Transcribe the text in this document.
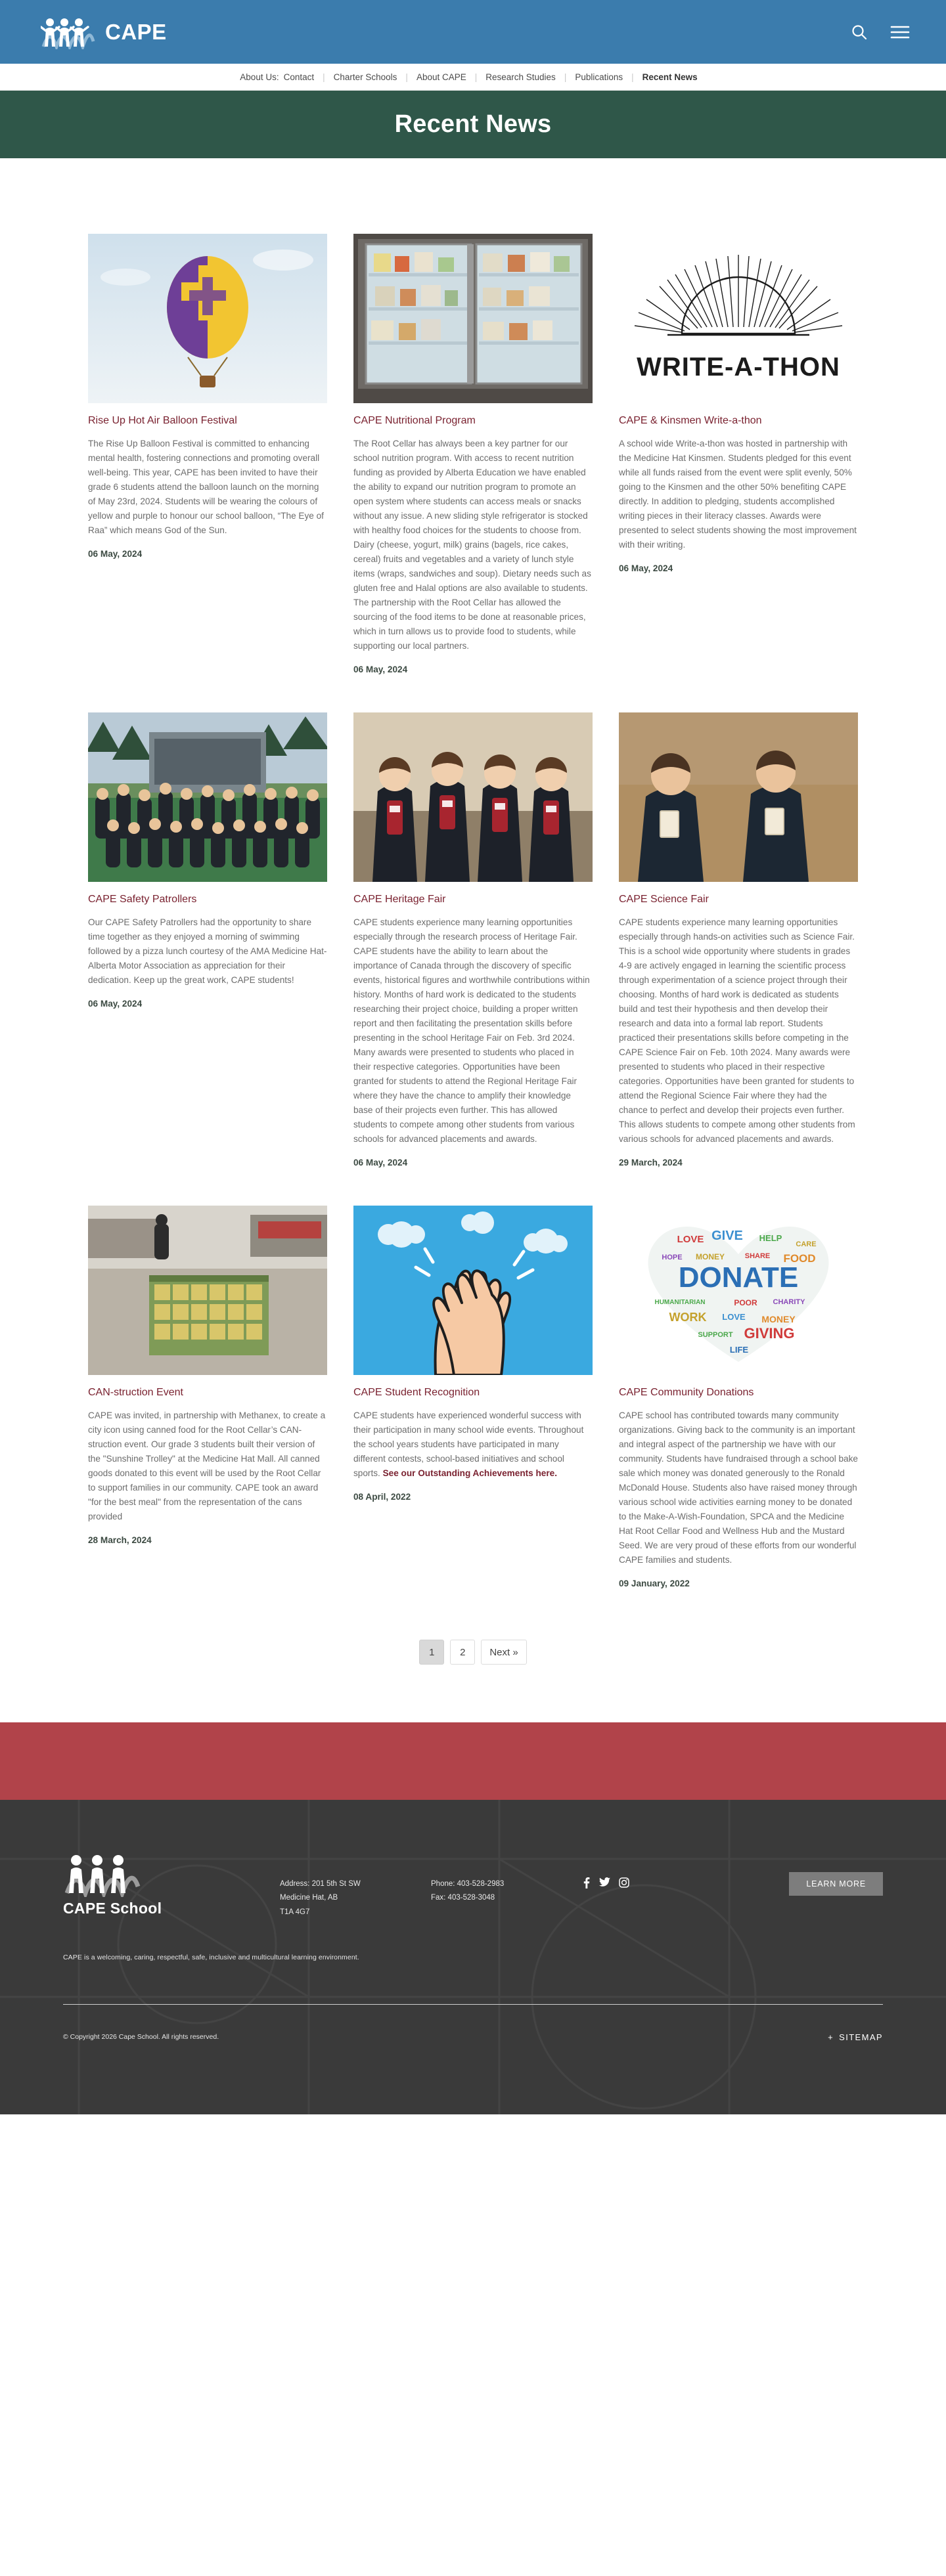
CAPE
About Us: Contact | Charter Schools | About CAPE | Research Studies | Publications | Recent News
Recent News
Rise Up Hot Air Balloon Festival

The Rise Up Balloon Festival is committed to enhancing mental health, fostering connections and promoting overall well-being. This year, CAPE has been invited to have their grade 6 students attend the balloon launch on the morning of May 23rd, 2024. Students will be wearing the colours of yellow and purple to honour our school balloon, “The Eye of Raa” which means God of the Sun.

06 May, 2024
CAPE Nutritional Program

The Root Cellar has always been a key partner for our school nutrition program. With access to recent nutrition funding as provided by Alberta Education we have enabled the ability to expand our nutrition program to promote an open system where students can access meals or snacks without any issue. A new sliding style refrigerator is stocked with healthy food choices for the students to choose from. Dairy (cheese, yogurt, milk) grains (bagels, rice cakes, cereal) fruits and vegetables and a variety of lunch style items (wraps, sandwiches and soup). Dietary needs such as gluten free and Halal options are also available to students. The partnership with the Root Cellar has allowed the sourcing of the food items to be done at reasonable prices, which in turn allows us to provide food to students, while supporting our local partners.

06 May, 2024
WRITE-A-THON
CAPE & Kinsmen Write-a-thon

A school wide Write-a-thon was hosted in partnership with the Medicine Hat Kinsmen. Students pledged for this event while all funds raised from the event were split evenly, 50% going to the Kinsmen and the other 50% benefiting CAPE directly. In addition to pledging, students accomplished writing pieces in their literacy classes. Awards were presented to select students showing the most improvement with their writing.

06 May, 2024
CAPE Safety Patrollers

Our CAPE Safety Patrollers had the opportunity to share time together as they enjoyed a morning of swimming followed by a pizza lunch courtesy of the AMA Medicine Hat- Alberta Motor Association as appreciation for their dedication. Keep up the great work, CAPE students!

06 May, 2024
CAPE Heritage Fair

CAPE students experience many learning opportunities especially through the research process of Heritage Fair. CAPE students have the ability to learn about the importance of Canada through the discovery of specific events, historical figures and worthwhile contributions within history. Months of hard work is dedicated to the students researching their project choice, building a proper written report and then facilitating the presentation skills before presenting in the school Heritage Fair on Feb. 3rd 2024. Many awards were presented to students who placed in their respective categories. Opportunities have been granted for students to attend the Regional Heritage Fair where they have the chance to amplify their knowledge base of their projects even further. This has allowed students to compete among other students from various schools for advanced placements and awards.

06 May, 2024
CAPE Science Fair

CAPE students experience many learning opportunities especially through hands-on activities such as Science Fair. This is a school wide opportunity where students in grades 4-9 are actively engaged in learning the scientific process through experimentation of a science project through their choosing. Months of hard work is dedicated as students build and test their hypothesis and then develop their research and data into a formal lab report. Students practiced their presentations skills before competing in the CAPE Science Fair on Feb. 10th 2024. Many awards were presented to students who placed in their respective categories. Opportunities have been granted for students to attend the Regional Science Fair where they had the chance to perfect and develop their projects even further. This allows students to compete among other students from various schools for advanced placements and awards.

29 March, 2024
CAN-struction Event

CAPE was invited, in partnership with Methanex, to create a city icon using canned food for the Root Cellar’s CAN-struction event. Our grade 3 students built their version of the "Sunshine Trolley" at the Medicine Hat Mall. All canned goods donated to this event will be used by the Root Cellar to support families in our community. CAPE took an award "for the best meal" from the representation of the cans provided

28 March, 2024
CAPE Student Recognition

CAPE students have experienced wonderful success with their participation in many school wide events. Throughout the school years students have participated in many different contests, school-based initiatives and school sports. See our Outstanding Achievements here.

08 April, 2022
LOVE GIVE HELP
CARE
HOPE MONEY	SHARE FOOD
DONATE
HUMANITARIAN	POOR CHARITY
WORK LOVE MONEY
SUPPORT GIVING
LIFE
CAPE Community Donations

CAPE school has contributed towards many community organizations. Giving back to the community is an important and integral aspect of the partnership we have with our community. Students have fundraised through a school bake sale which money was donated generously to the Ronald McDonald House. Students also have raised money through various school wide activities earning money to be donated to the Make-A-Wish-Foundation, SPCA and the Medicine Hat Root Cellar Food and Wellness Hub and the Mustard Seed. We are very proud of these efforts from our wonderful CAPE families and students.

09 January, 2022
1	2	Next »
CAPE School
Address: 201 5th St SW
Medicine Hat, AB
T1A 4G7
Phone: 403-528-2983
Fax: 403-528-3048
LEARN MORE
CAPE is a welcoming, caring, respectful, safe, inclusive and multicultural learning environment.
© Copyright 2026 Cape School. All rights reserved.	+ SITEMAP
